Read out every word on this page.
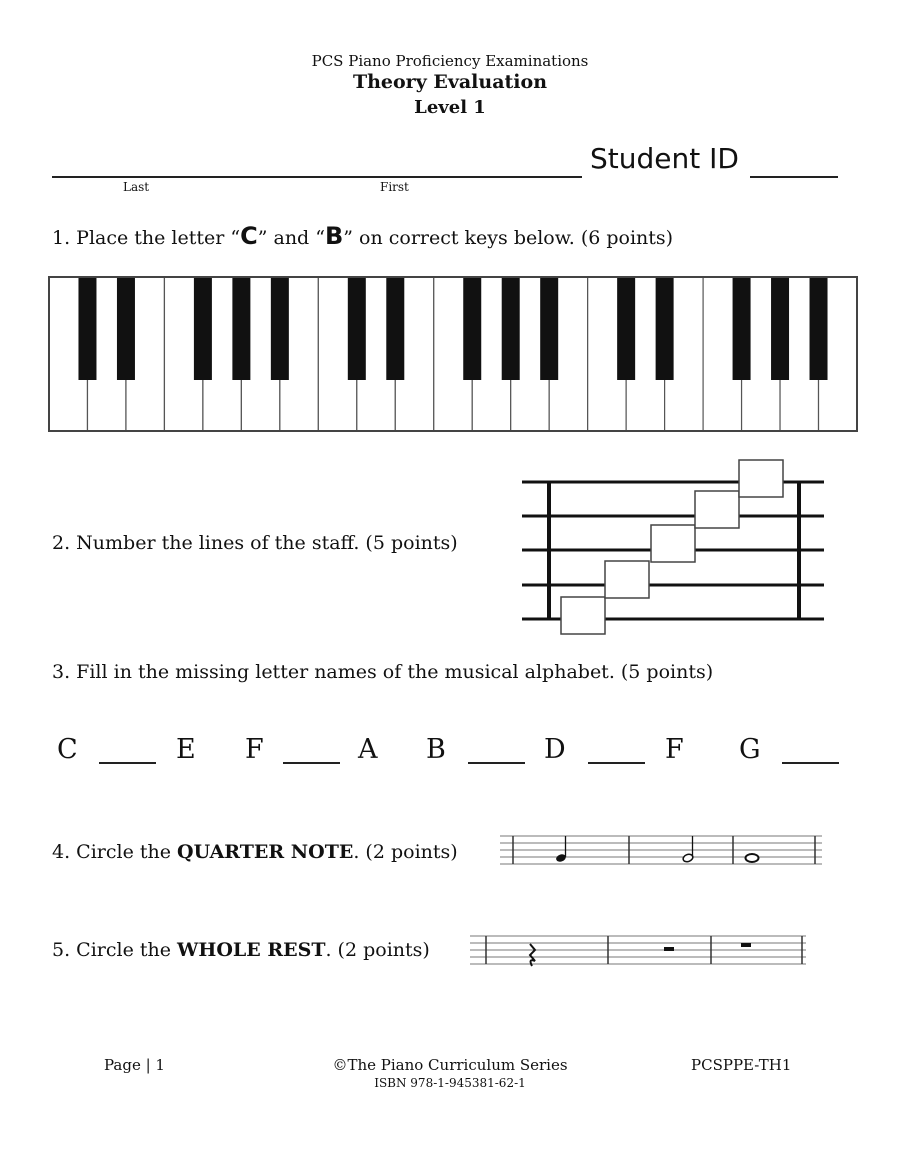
PCS Piano Proficiency Examinations
Theory Evaluation
Level 1
Student ID
Last	First
1. Place the letter “C” and “B” on correct keys below. (6 points)
2. Number the lines of the staff. (5 points)
3. Fill in the missing letter names of the musical alphabet. (5 points)
C	E F	A B	D	F G
4. Circle the QUARTER NOTE. (2 points)
5. Circle the WHOLE REST. (2 points)
Page | 1	©The Piano Curriculum Series
ISBN 978-1-945381-62-1
PCSPPE-TH1
